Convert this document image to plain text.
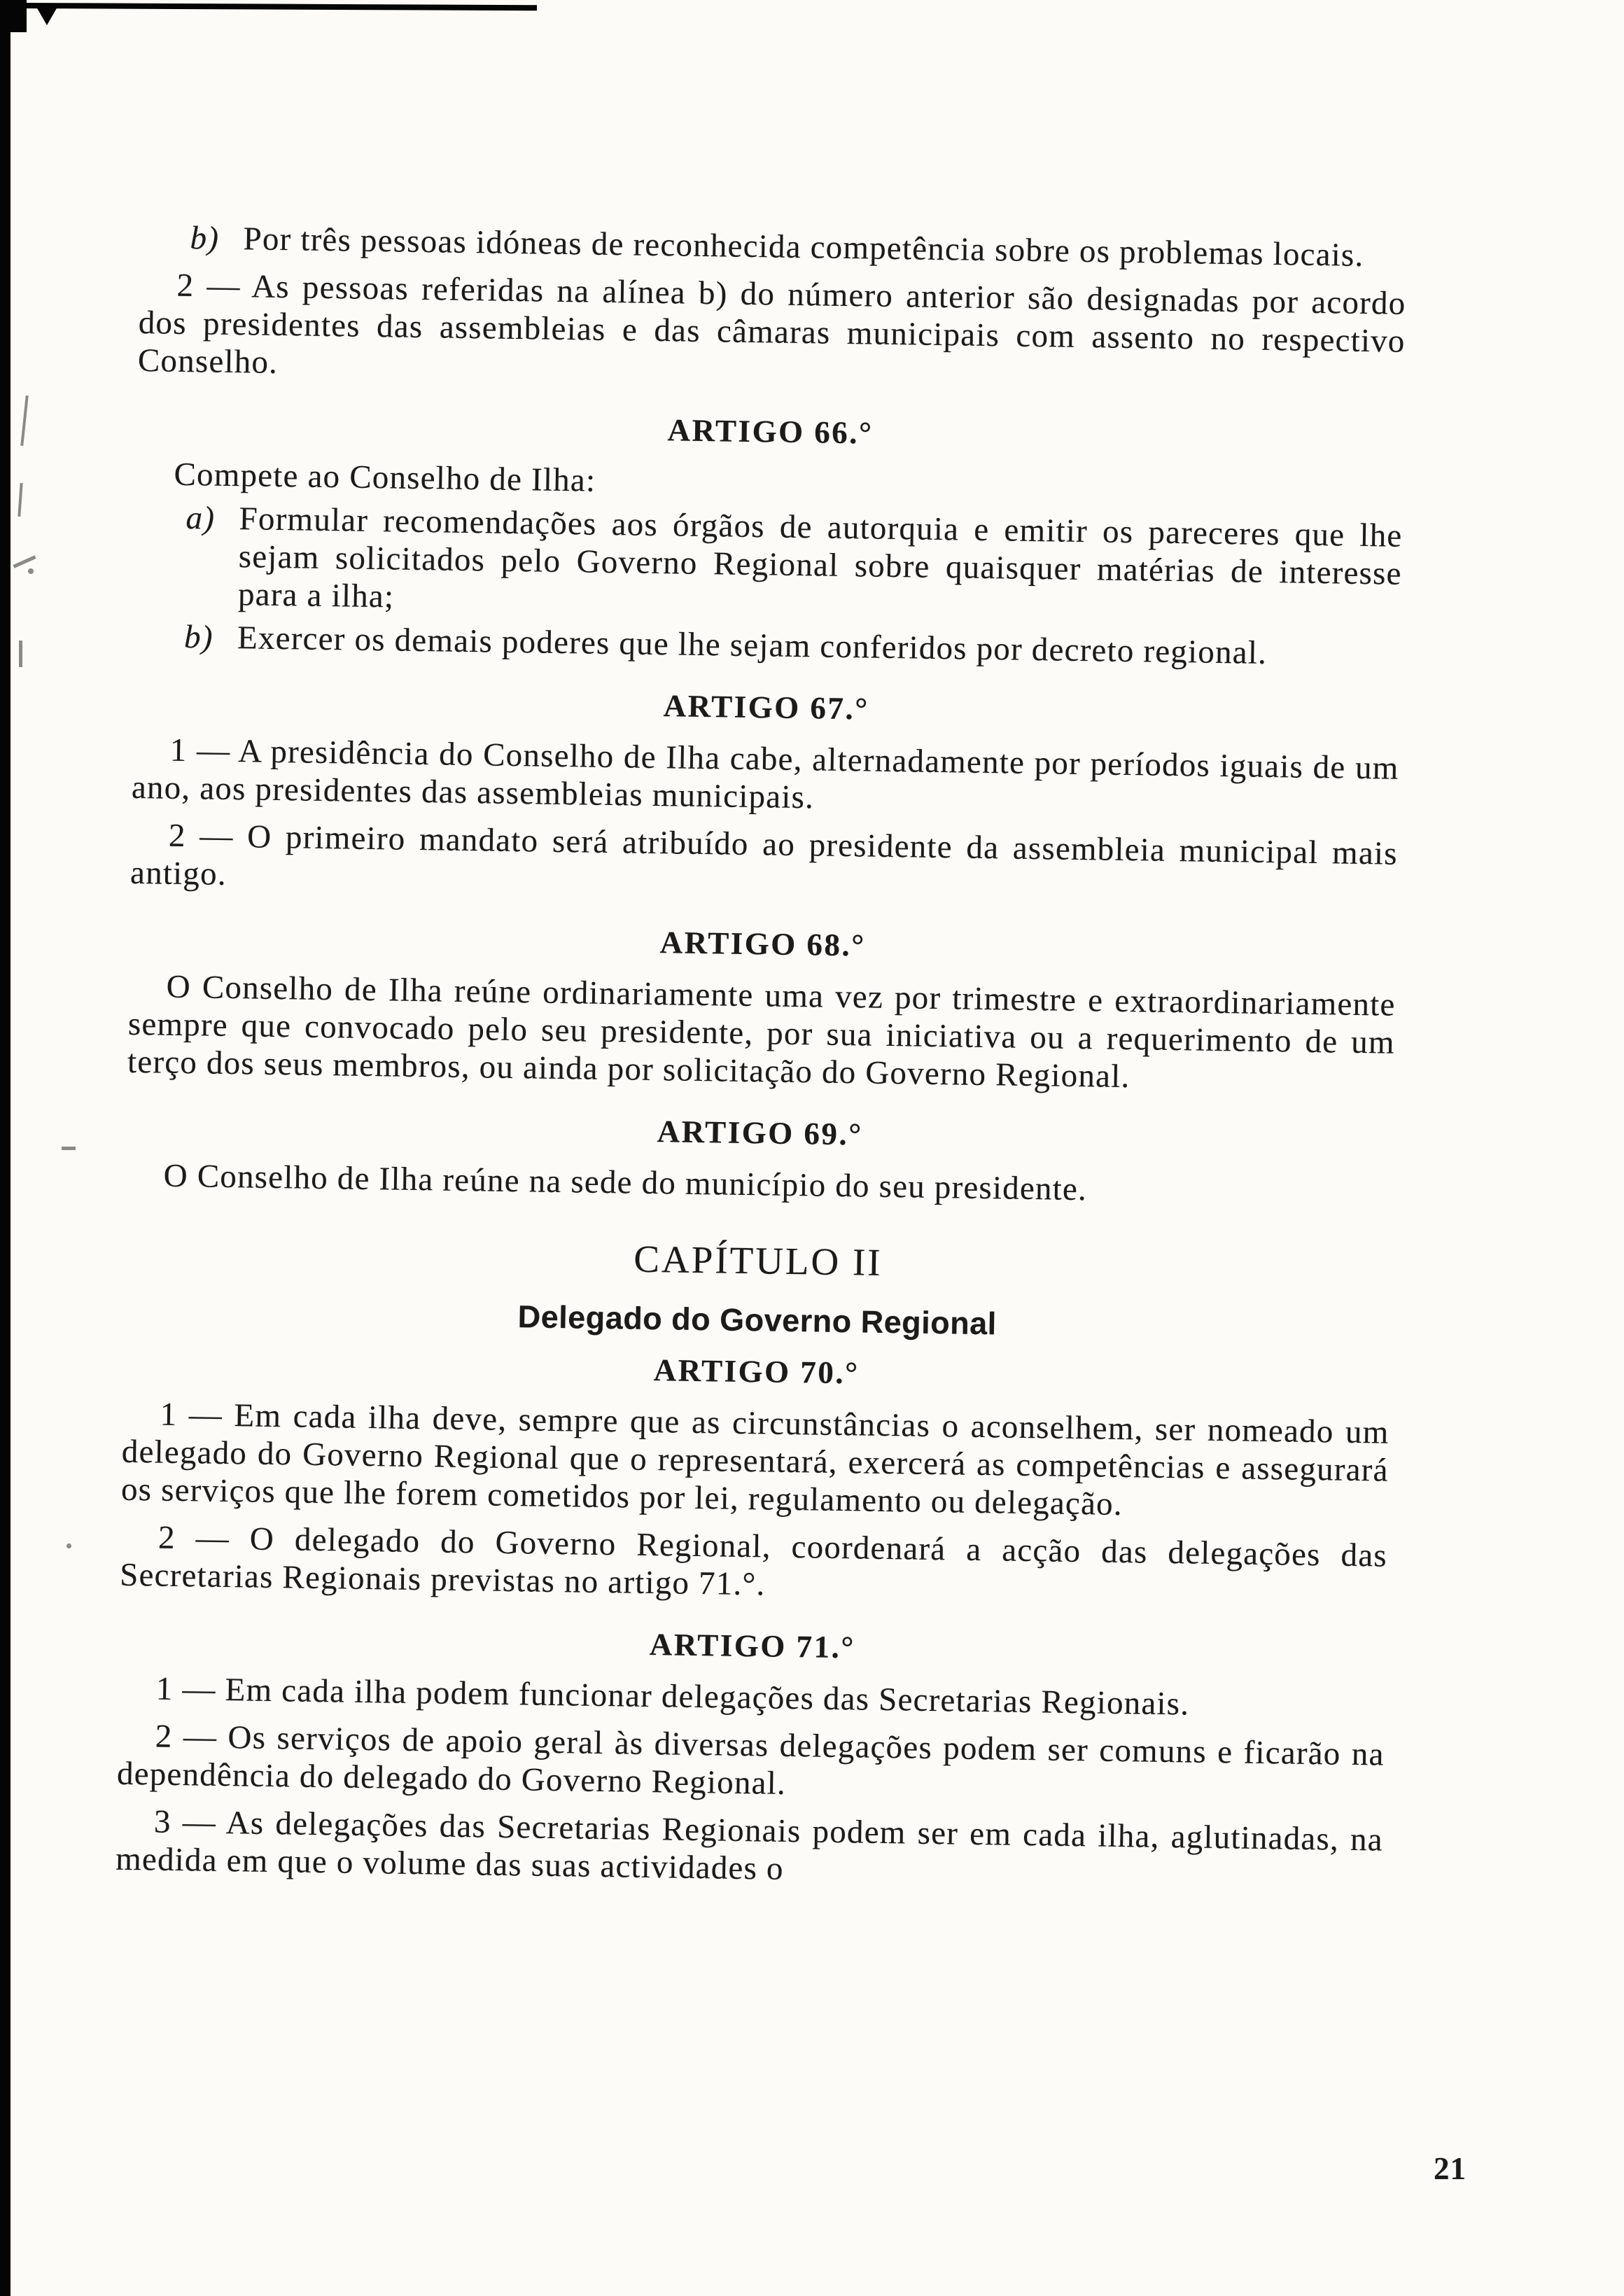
b) Por três pessoas idóneas de reconhecida competência sobre os problemas locais.

2 — As pessoas referidas na alínea b) do número anterior são designadas por acordo dos presidentes das assembleias e das câmaras municipais com assento no respectivo Conselho.

ARTIGO 66.°

Compete ao Conselho de Ilha:

a) Formular recomendações aos órgãos de autorquia e emitir os pareceres que lhe sejam solicitados pelo Governo Regional sobre quaisquer matérias de interesse para a ilha;

b) Exercer os demais poderes que lhe sejam conferidos por decreto regional.

ARTIGO 67.°

1 — A presidência do Conselho de Ilha cabe, alternadamente por períodos iguais de um ano, aos presidentes das assembleias municipais.

2 — O primeiro mandato será atribuído ao presidente da assembleia municipal mais antigo.

ARTIGO 68.°

O Conselho de Ilha reúne ordinariamente uma vez por trimestre e extraordinariamente sempre que convocado pelo seu presidente, por sua iniciativa ou a requerimento de um terço dos seus membros, ou ainda por solicitação do Governo Regional.

ARTIGO 69.°

O Conselho de Ilha reúne na sede do município do seu presidente.

CAPÍTULO II
Delegado do Governo Regional
ARTIGO 70.°

1 — Em cada ilha deve, sempre que as circunstâncias o aconselhem, ser nomeado um delegado do Governo Regional que o representará, exercerá as competências e assegurará os serviços que lhe forem cometidos por lei, regulamento ou delegação.

2 — O delegado do Governo Regional, coordenará a acção das delegações das Secretarias Regionais previstas no artigo 71.°.

ARTIGO 71.°

1 — Em cada ilha podem funcionar delegações das Secretarias Regionais.

2 — Os serviços de apoio geral às diversas delegações podem ser comuns e ficarão na dependência do delegado do Governo Regional.

3 — As delegações das Secretarias Regionais podem ser em cada ilha, aglutinadas, na medida em que o volume das suas actividades o

21
